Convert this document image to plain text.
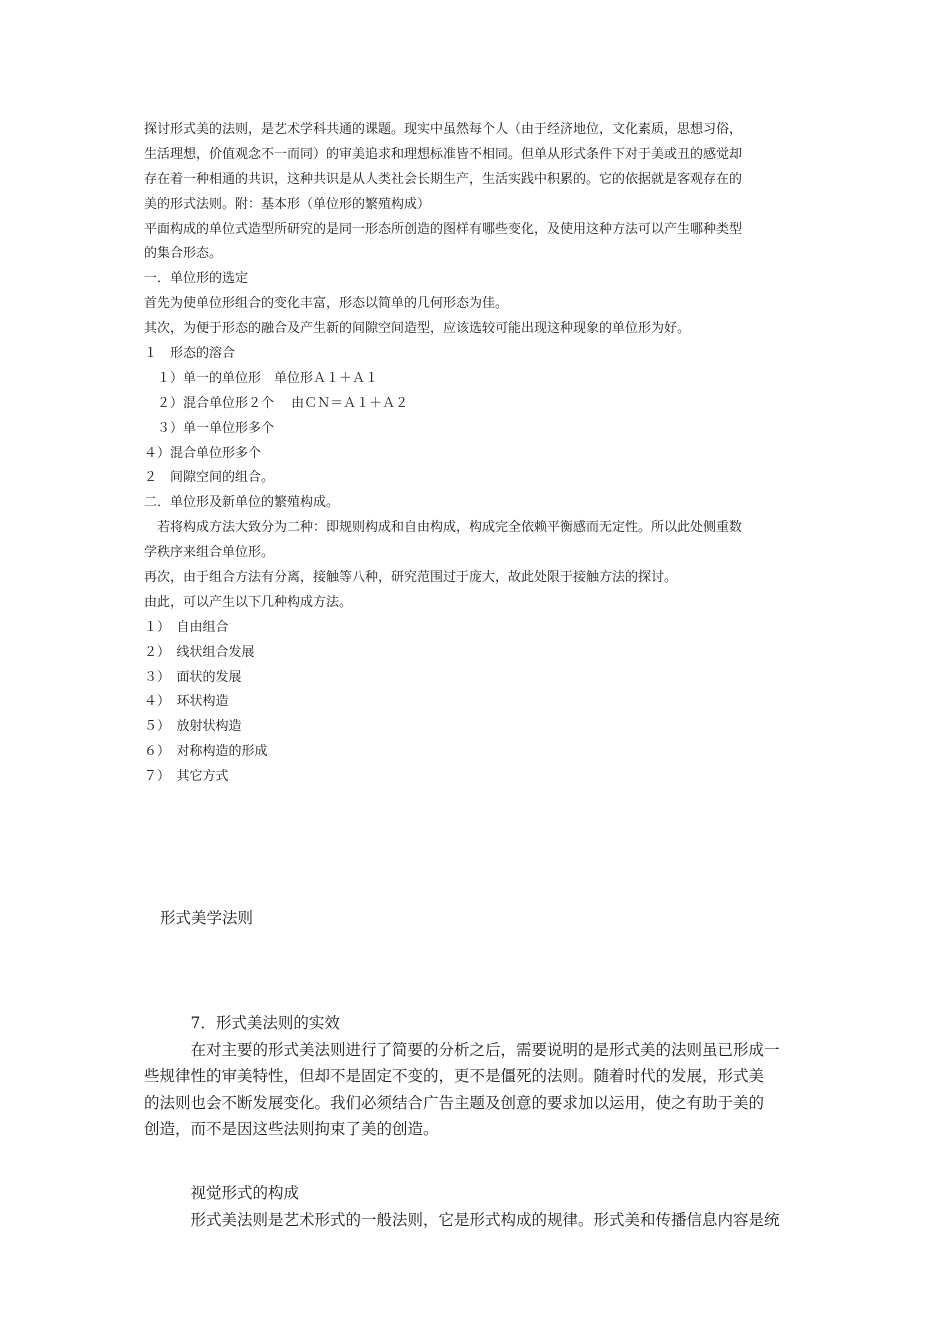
探讨形式美的法则，是艺术学科共通的课题。现实中虽然每个人（由于经济地位，文化素质，思想习俗，
生活理想，价值观念不一而同）的审美追求和理想标准皆不相同。但单从形式条件下对于美或丑的感觉却
存在着一种相通的共识，这种共识是从人类社会长期生产，生活实践中积累的。它的依据就是客观存在的
美的形式法则。附：基本形（单位形的繁殖构成）
平面构成的单位式造型所研究的是同一形态所创造的图样有哪些变化，及使用这种方法可以产生哪种类型
的集合形态。
一．单位形的选定
首先为使单位形组合的变化丰富，形态以简单的几何形态为佳。
其次，为便于形态的融合及产生新的间隙空间造型，应该选较可能出现这种现象的单位形为好。
１　形态的溶合
　１）单一的单位形　单位形Ａ１＋Ａ１
　２）混合单位形２个　 由ＣＮ＝Ａ１＋Ａ２
　３）单一单位形多个
４）混合单位形多个
２　间隙空间的组合。
二．单位形及新单位的繁殖构成。
　若将构成方法大致分为二种：即规则构成和自由构成，构成完全依赖平衡感而无定性。所以此处侧重数
学秩序来组合单位形。
再次，由于组合方法有分离，接触等八种，研究范围过于庞大，故此处限于接触方法的探讨。
由此，可以产生以下几种构成方法。
１）　自由组合
２）　线状组合发展
３）　面状的发展
４）　环状构造
５）　放射状构造
６）　对称构造的形成
７）　其它方式
形式美学法则
　　　7．形式美法则的实效
　　　在对主要的形式美法则进行了简要的分析之后，需要说明的是形式美的法则虽已形成一
些规律性的审美特性，但却不是固定不变的，更不是僵死的法则。随着时代的发展，形式美
的法则也会不断发展变化。我们必须结合广告主题及创意的要求加以运用，使之有助于美的
创造，而不是因这些法则拘束了美的创造。
　　　视觉形式的构成
　　　形式美法则是艺术形式的一般法则，它是形式构成的规律。形式美和传播信息内容是统
